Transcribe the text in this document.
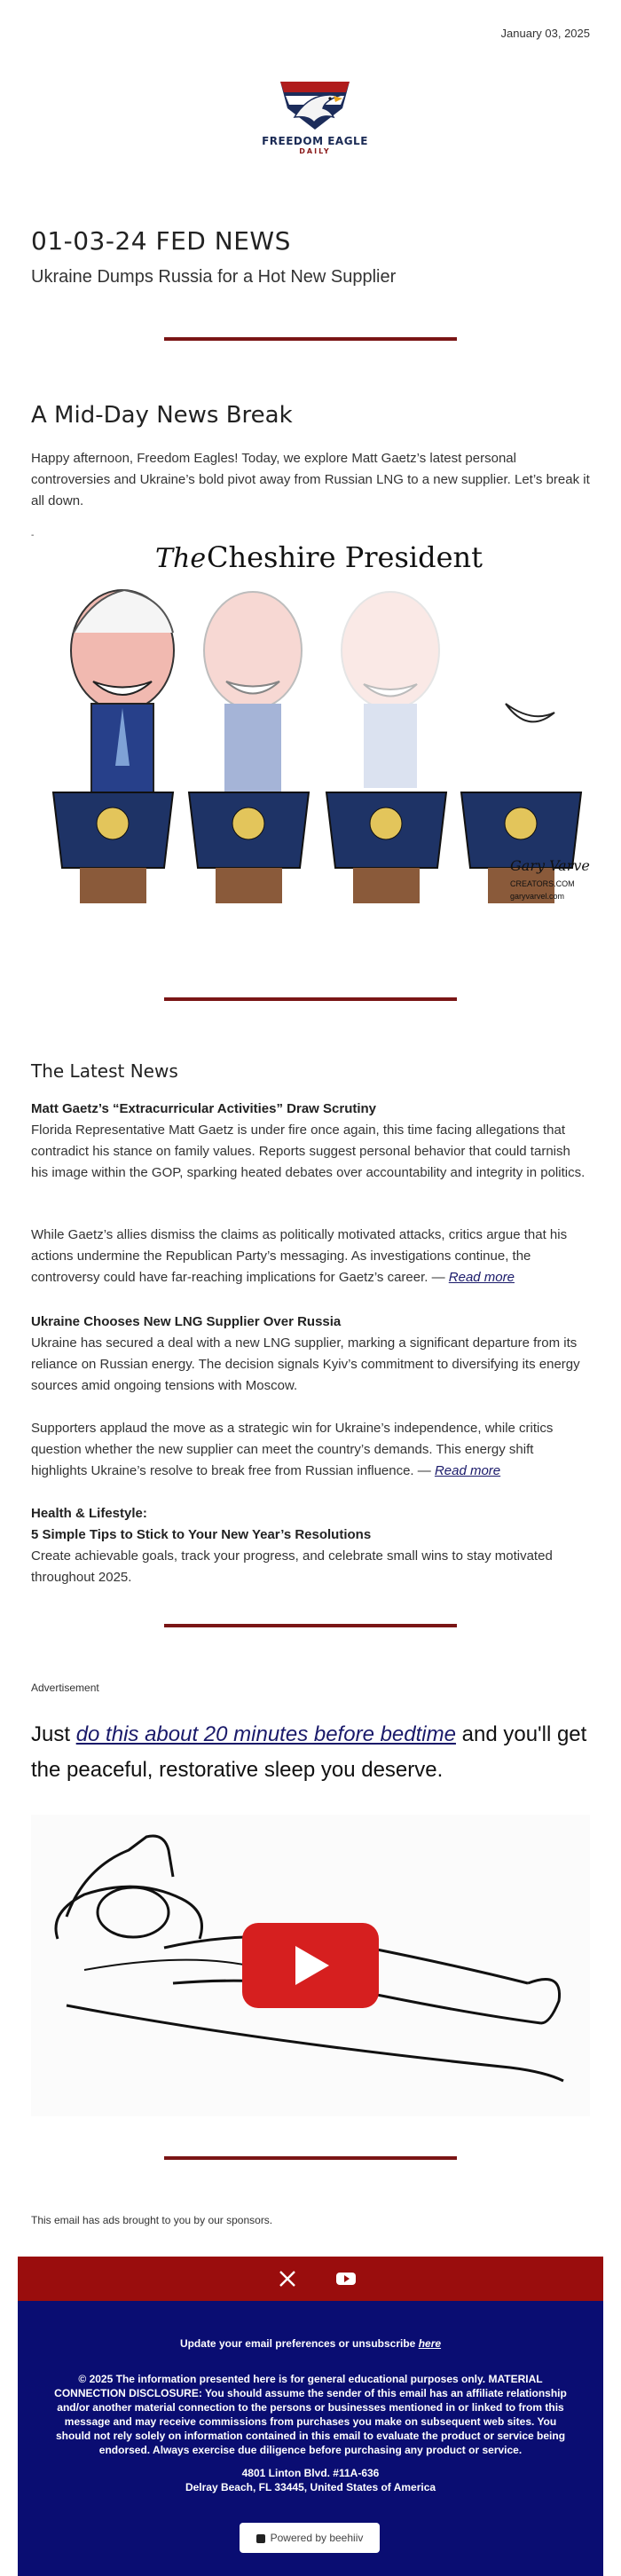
January 03, 2025
FREEDOM EAGLE
DAILY
01-03-24 FED NEWS

Ukraine Dumps Russia for a Hot New Supplier

A Mid-Day News Break

Happy afternoon, Freedom Eagles! Today, we explore Matt Gaetz’s latest personal controversies and Ukraine’s bold pivot away from Russian LNG to a new supplier. Let’s break it all down.

-
The Cheshire President
Gary Varvel
CREATORS.COM
garyvarvel.com
The Latest News

Matt Gaetz’s “Extracurricular Activities” Draw Scrutiny
Florida Representative Matt Gaetz is under fire once again, this time facing allegations that contradict his stance on family values. Reports suggest personal behavior that could tarnish his image within the GOP, sparking heated debates over accountability and integrity in politics.

While Gaetz’s allies dismiss the claims as politically motivated attacks, critics argue that his actions undermine the Republican Party’s messaging. As investigations continue, the controversy could have far-reaching implications for Gaetz’s career. — Read more

Ukraine Chooses New LNG Supplier Over Russia
Ukraine has secured a deal with a new LNG supplier, marking a significant departure from its reliance on Russian energy. The decision signals Kyiv’s commitment to diversifying its energy sources amid ongoing tensions with Moscow.

Supporters applaud the move as a strategic win for Ukraine’s independence, while critics question whether the new supplier can meet the country’s demands. This energy shift highlights Ukraine’s resolve to break free from Russian influence. — Read more

Health & Lifestyle:
5 Simple Tips to Stick to Your New Year’s Resolutions
Create achievable goals, track your progress, and celebrate small wins to stay motivated throughout 2025.

Advertisement

Just do this about 20 minutes before bedtime and you'll get the peaceful, restorative sleep you deserve.

This email has ads brought to you by our sponsors.

Update your email preferences or unsubscribe here

© 2025 The information presented here is for general educational purposes only. MATERIAL CONNECTION DISCLOSURE: You should assume the sender of this email has an affiliate relationship and/or another material connection to the persons or businesses mentioned in or linked to from this message and may receive commissions from purchases you make on subsequent web sites. You should not rely solely on information contained in this email to evaluate the product or service being endorsed. Always exercise due diligence before purchasing any product or service.

4801 Linton Blvd. #11A-636

Delray Beach, FL 33445, United States of America

Powered by beehiiv
